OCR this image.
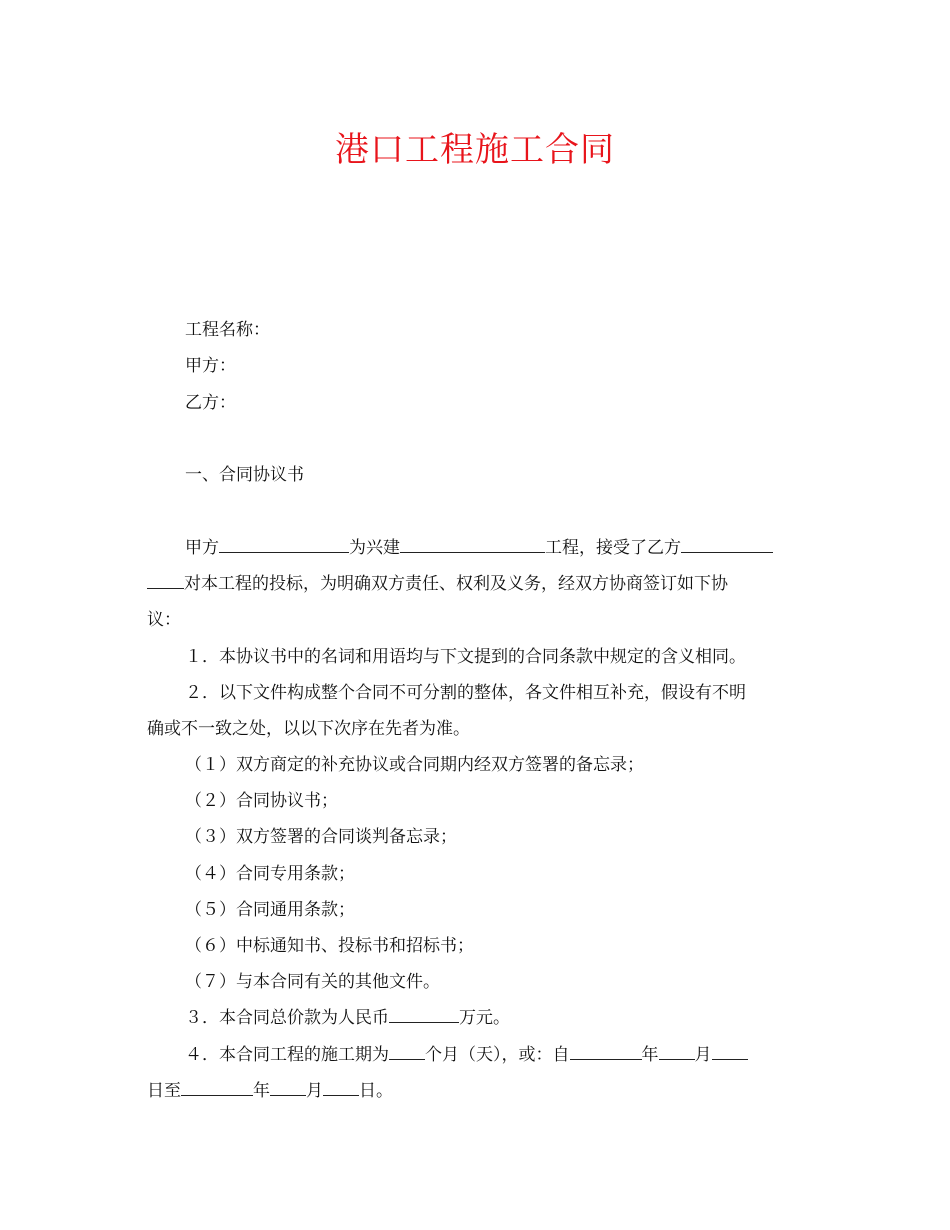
港口工程施工合同
工程名称：
甲方：
乙方：
一、合同协议书
甲方	为兴建	工程，接受了乙方
对本工程的投标，为明确双方责任、权利及义务，经双方协商签订如下协
议：
１．本协议书中的名词和用语均与下文提到的合同条款中规定的含义相同。
２．以下文件构成整个合同不可分割的整体，各文件相互补充，假设有不明
确或不一致之处，以以下次序在先者为准。
（１）双方商定的补充协议或合同期内经双方签署的备忘录；
（２）合同协议书；
（３）双方签署的合同谈判备忘录；
（４）合同专用条款；
（５）合同通用条款；
（６）中标通知书、投标书和招标书；
（７）与本合同有关的其他文件。
３．本合同总价款为人民币	万元。
４．本合同工程的施工期为 个月（天），或：自	年 月
日至	年 月 日。
